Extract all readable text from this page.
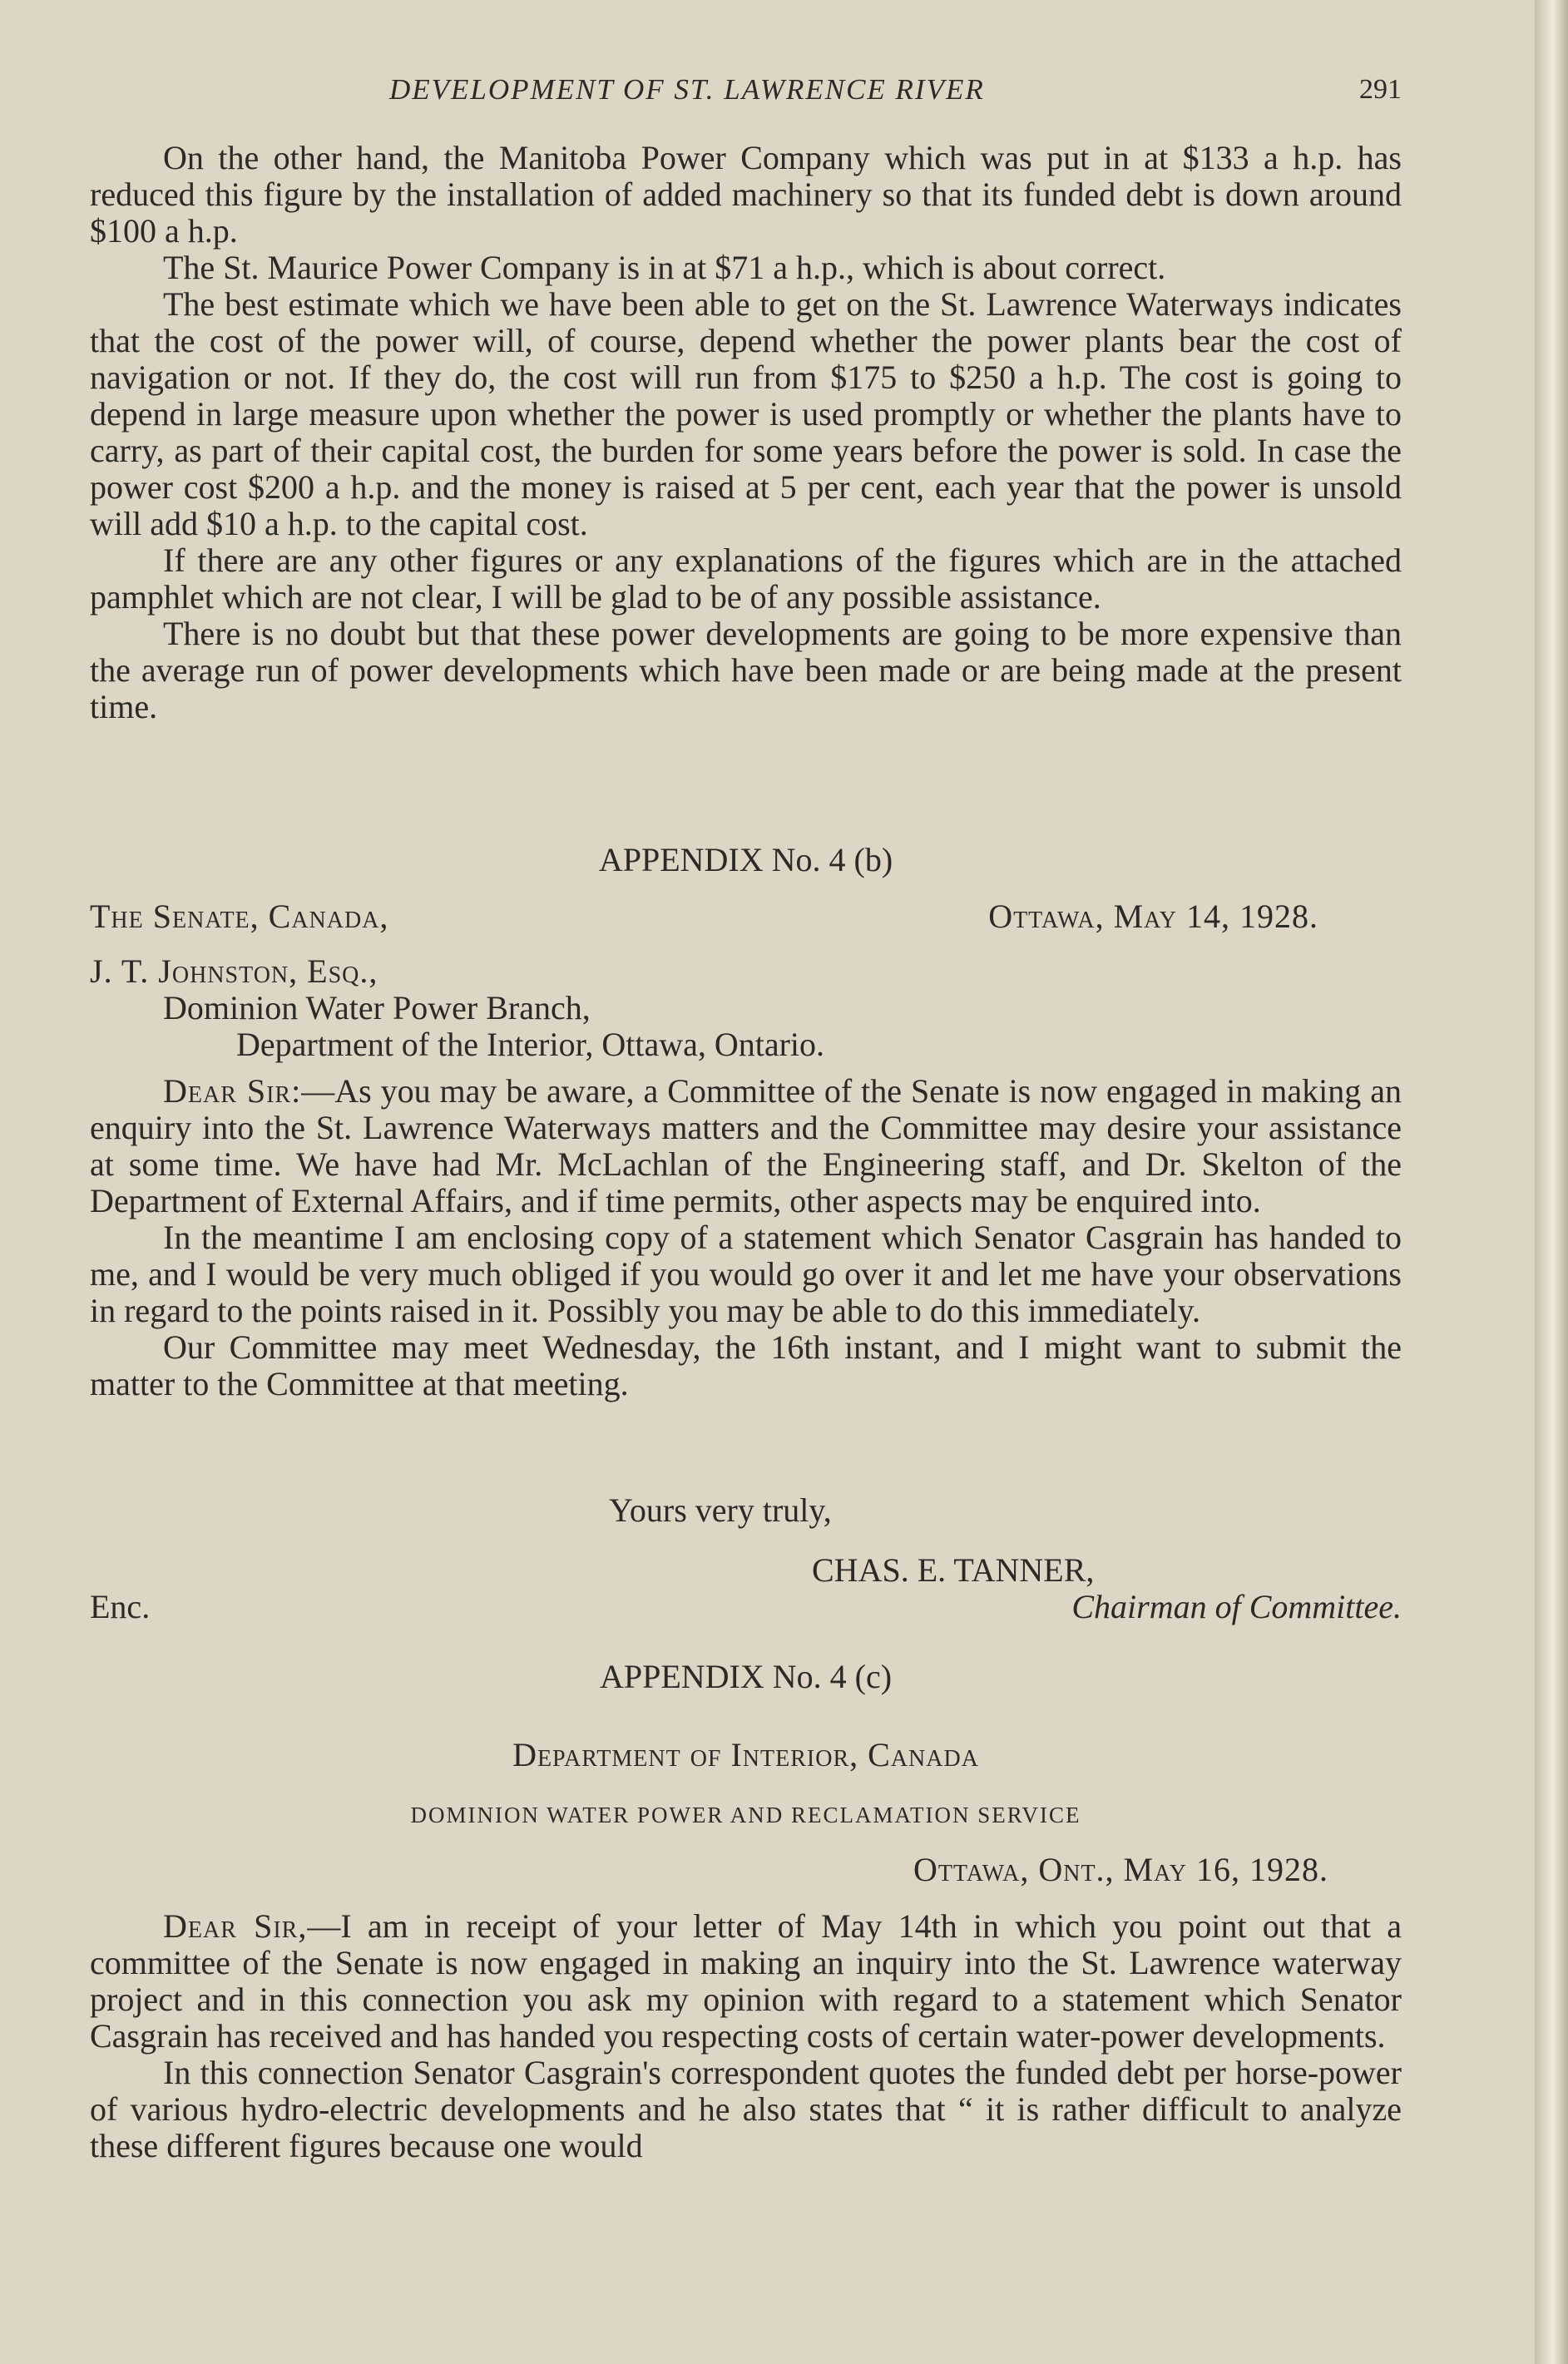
DEVELOPMENT OF ST. LAWRENCE RIVER	291

On the other hand, the Manitoba Power Company which was put in at $133 a h.p. has reduced this figure by the installation of added machinery so that its funded debt is down around $100 a h.p.

The St. Maurice Power Company is in at $71 a h.p., which is about correct.

The best estimate which we have been able to get on the St. Lawrence Waterways indicates that the cost of the power will, of course, depend whether the power plants bear the cost of navigation or not. If they do, the cost will run from $175 to $250 a h.p. The cost is going to depend in large measure upon whether the power is used promptly or whether the plants have to carry, as part of their capital cost, the burden for some years before the power is sold. In case the power cost $200 a h.p. and the money is raised at 5 per cent, each year that the power is unsold will add $10 a h.p. to the capital cost.

If there are any other figures or any explanations of the figures which are in the attached pamphlet which are not clear, I will be glad to be of any possible assistance.

There is no doubt but that these power developments are going to be more expensive than the average run of power developments which have been made or are being made at the present time.

APPENDIX No. 4 (b)

The Senate, Canada,	Ottawa, May 14, 1928.
J. T. Johnston, Esq.,
Dominion Water Power Branch,
Department of the Interior, Ottawa, Ontario.

Dear Sir:—As you may be aware, a Committee of the Senate is now engaged in making an enquiry into the St. Lawrence Waterways matters and the Committee may desire your assistance at some time. We have had Mr. McLachlan of the Engineering staff, and Dr. Skelton of the Department of External Affairs, and if time permits, other aspects may be enquired into.

In the meantime I am enclosing copy of a statement which Senator Casgrain has handed to me, and I would be very much obliged if you would go over it and let me have your observations in regard to the points raised in it. Possibly you may be able to do this immediately.

Our Committee may meet Wednesday, the 16th instant, and I might want to submit the matter to the Committee at that meeting.

Yours very truly,
CHAS. E. TANNER,
Enc.	Chairman of Committee.

APPENDIX No. 4 (c)

Department of Interior, Canada

DOMINION WATER POWER AND RECLAMATION SERVICE

Ottawa, Ont., May 16, 1928.

Dear Sir,—I am in receipt of your letter of May 14th in which you point out that a committee of the Senate is now engaged in making an inquiry into the St. Lawrence waterway project and in this connection you ask my opinion with regard to a statement which Senator Casgrain has received and has handed you respecting costs of certain water-power developments.

In this connection Senator Casgrain's correspondent quotes the funded debt per horse-power of various hydro-electric developments and he also states that “ it is rather difficult to analyze these different figures because one would
